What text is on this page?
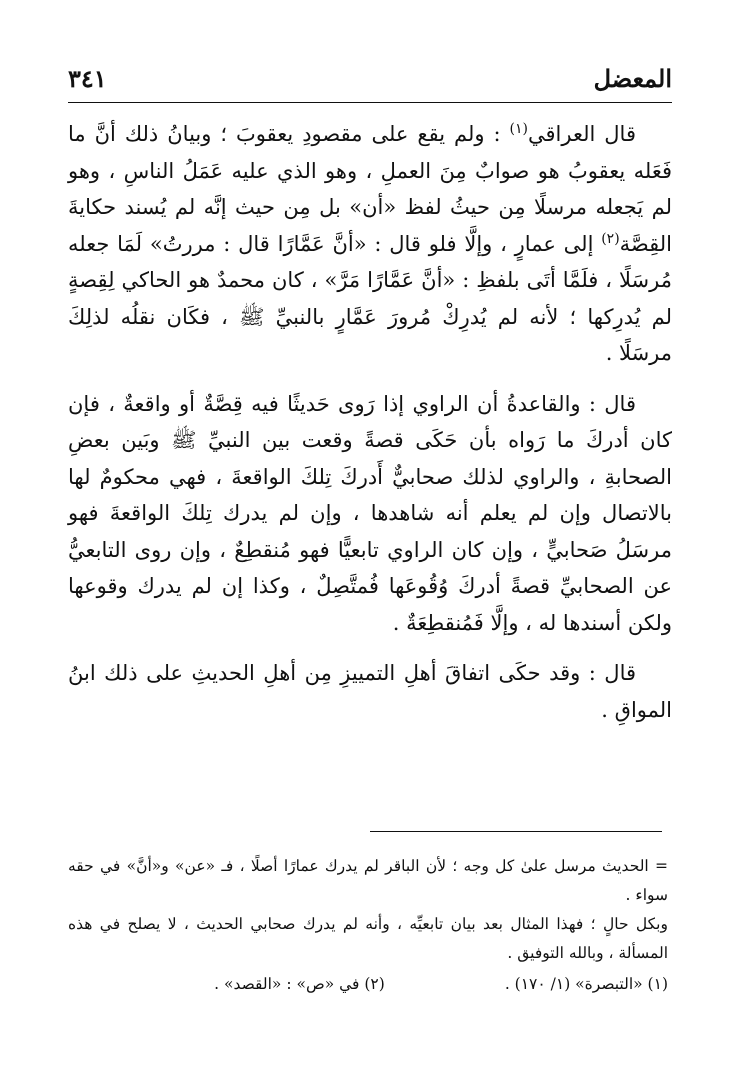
المعضل
٣٤١

قال العراقي$^{(١)}$ : ولم يقع على مقصودِ يعقوبَ ؛ وبيانُ ذلك أنَّ ما فَعَله يعقوبُ هو صوابٌ مِنَ العملِ ، وهو الذي عليه عَمَلُ الناسِ ، وهو لم يَجعله مرسلًا مِن حيثُ لفظ «أن» بل مِن حيث إنَّه لم يُسند حكايةَ القِصَّة$^{(٢)}$ إلى عمارٍ ، وإلَّا فلو قال : «أنَّ عَمَّارًا قال : مررتُ» لَمَا جعله مُرسَلًا ، فلَمَّا أتَى بلفظِ : «أنَّ عَمَّارًا مَرَّ» ، كان محمدٌ هو الحاكي لِقِصةٍ لم يُدرِكها ؛ لأنه لم يُدرِكْ مُرورَ عَمَّارٍ بالنبيِّ ﷺ ، فكَان نقلُه لذلِكَ مرسَلًا .

قال : والقاعدةُ أن الراوي إذا رَوى حَديثًا فيه قِصَّةٌ أو واقعةٌ ، فإن كان أدركَ ما رَواه بأن حَكَى قصةً وقعت بين النبيِّ ﷺ وبَين بعضِ الصحابةِ ، والراوي لذلك صحابيٌّ أَدركَ تِلكَ الواقعةَ ، فهي محكومٌ لها بالاتصال وإن لم يعلم أنه شاهدها ، وإن لم يدرك تِلكَ الواقعةَ فهو مرسَلُ صَحابيٍّ ، وإن كان الراوي تابعيًّا فهو مُنقطِعٌ ، وإن روى التابعيُّ عن الصحابيِّ قصةً أدركَ وُقُوعَها فُمتَّصِلٌ ، وكذا إن لم يدرك وقوعها ولكن أسندها له ، وإلَّا فَمُنقطِعَةٌ .

قال : وقد حكَى اتفاقَ أهلِ التمييزِ مِن أهلِ الحديثِ على ذلك ابنُ المواقِ .

= الحديث مرسل علىٰ كل وجه ؛ لأن الباقر لم يدرك عمارًا أصلًا ، فـ «عن» و«أنَّ» في حقه سواء .

وبكل حالٍ ؛ فهذا المثال بعد بيان تابعيِّه ، وأنه لم يدرك صحابي الحديث ، لا يصلح في هذه المسألة ، وبالله التوفيق .

(١) «التبصرة» (١/ ١٧٠) .
(٢) في «ص» : «القصد» .
